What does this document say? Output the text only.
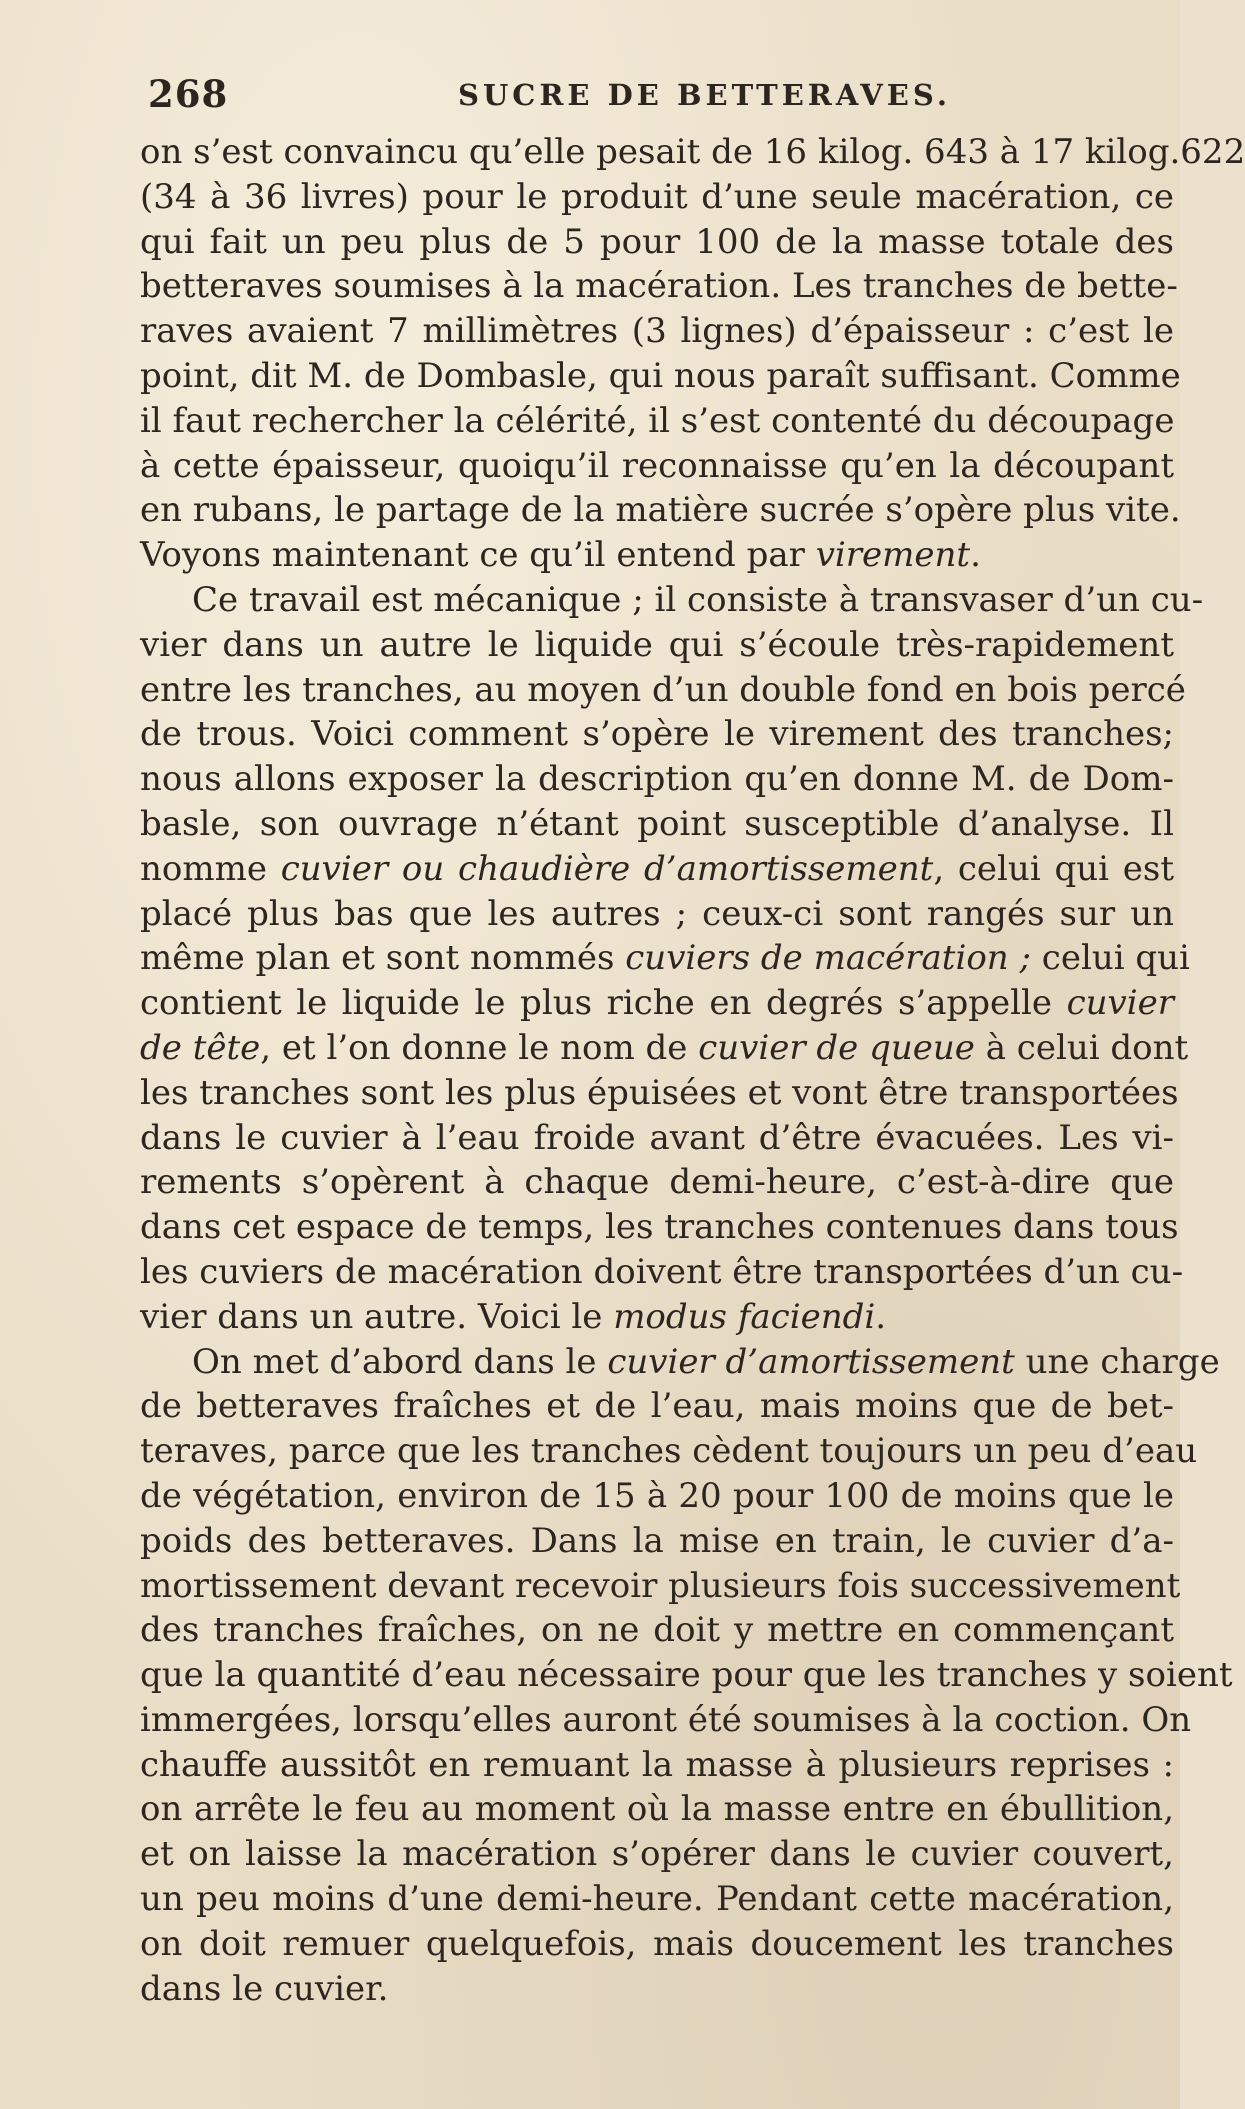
268	SUCRE DE BETTERAVES.
on s’est convaincu qu’elle pesait de 16 kilog. 643 à 17 kilog.622
(34 à 36 livres) pour le produit d’une seule macération, ce
qui fait un peu plus de 5 pour 100 de la masse totale des
betteraves soumises à la macération. Les tranches de bette-
raves avaient 7 millimètres (3 lignes) d’épaisseur : c’est le
point, dit M. de Dombasle, qui nous paraît suffisant. Comme
il faut rechercher la célérité, il s’est contenté du découpage
à cette épaisseur, quoiqu’il reconnaisse qu’en la découpant
en rubans, le partage de la matière sucrée s’opère plus vite.
Voyons maintenant ce qu’il entend par virement.
Ce travail est mécanique ; il consiste à transvaser d’un cu-
vier dans un autre le liquide qui s’écoule très-rapidement
entre les tranches, au moyen d’un double fond en bois percé
de trous. Voici comment s’opère le virement des tranches;
nous allons exposer la description qu’en donne M. de Dom-
basle, son ouvrage n’étant point susceptible d’analyse. Il
nomme cuvier ou chaudière d’amortissement, celui qui est
placé plus bas que les autres ; ceux-ci sont rangés sur un
même plan et sont nommés cuviers de macération ; celui qui
contient le liquide le plus riche en degrés s’appelle cuvier
de tête, et l’on donne le nom de cuvier de queue à celui dont
les tranches sont les plus épuisées et vont être transportées
dans le cuvier à l’eau froide avant d’être évacuées. Les vi-
rements s’opèrent à chaque demi-heure, c’est-à-dire que
dans cet espace de temps, les tranches contenues dans tous
les cuviers de macération doivent être transportées d’un cu-
vier dans un autre. Voici le modus faciendi.
On met d’abord dans le cuvier d’amortissement une charge
de betteraves fraîches et de l’eau, mais moins que de bet-
teraves, parce que les tranches cèdent toujours un peu d’eau
de végétation, environ de 15 à 20 pour 100 de moins que le
poids des betteraves. Dans la mise en train, le cuvier d’a-
mortissement devant recevoir plusieurs fois successivement
des tranches fraîches, on ne doit y mettre en commençant
que la quantité d’eau nécessaire pour que les tranches y soient
immergées, lorsqu’elles auront été soumises à la coction. On
chauffe aussitôt en remuant la masse à plusieurs reprises :
on arrête le feu au moment où la masse entre en ébullition,
et on laisse la macération s’opérer dans le cuvier couvert,
un peu moins d’une demi-heure. Pendant cette macération,
on doit remuer quelquefois, mais doucement les tranches
dans le cuvier.
